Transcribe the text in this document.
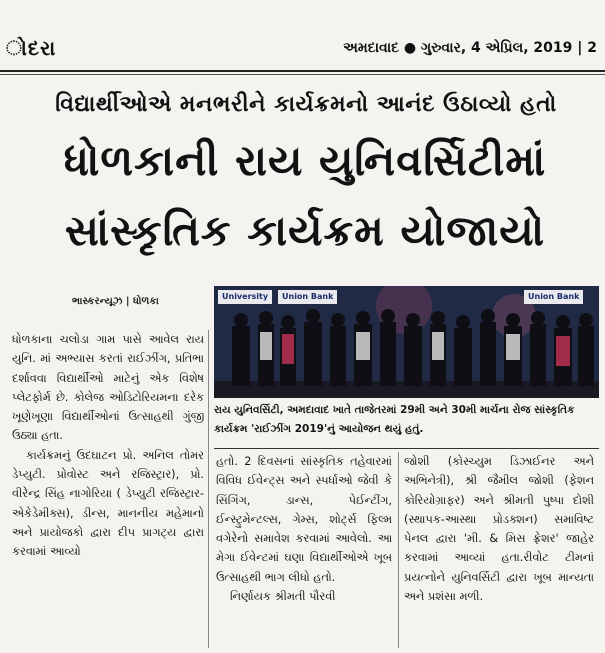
ોદરા	અમદાવાદ ● ગુરુવાર, 4 એપ્રિલ, 2019 | 2
વિદ્યાર્થીઓએ મનભરીને કાર્યક્રમનો આનંદ ઉઠાવ્યો હતો
ધોળકાની રાય યુનિવર્સિટીમાં
સાંસ્કૃતિક કાર્યક્રમ યોજાયો
ભાસ્કરન્યૂઝ | ધોળકા	University	Union Bank	Union Bank
રાય યુનિવર્સિટી, અમદાવાદ ખાતે તાજેતરમાં 29મી અને 30મી માર્ચના રોજ સાંસ્કૃતિક કાર્યક્રમ 'રાઈઝીંગ 2019'નું આયોજન થયું હતું.

ધોળકાના ચલોડા ગામ પાસે આવેલ રાય યુનિ. માં અભ્યાસ કરતાં રાઈઝીંગ, પ્રતિભા દર્શાવવા વિદ્યાર્થીઓ માટેનું એક વિશેષ પ્લેટફોર્મ છે. કોલેજ ઓડિટોરિયમના દરેક ખૂણેખૂણા વિદ્યાર્થીઓનાં ઉત્સાહથી ગુંજી ઉઠ્યા હતા.

કાર્યક્રમનું ઉદઘાટન પ્રો. અનિલ તોમર ડેપ્યુટી. પ્રોવોસ્ટ અને રજિસ્ટ્રાર), પ્રો. વીરેન્દ્ર સિંહ નાગોરિયા ( ડેપ્યુટી રજિસ્ટ્રાર-એકેડેમીક્સ), ડીન્સ, માનનીય મહેમાનો અને પ્રાયોજકો દ્વારા દીપ પ્રાગટ્ય દ્વારા કરવામાં આવ્યો

હતો. 2 દિવસનાં સાંસ્કૃતિક તહેવારમાં વિવિધ ઈવેન્ટ્સ અને સ્પર્ધાઓ જેવી કે સિંગિંગ, ડાન્સ, પેઈન્ટીંગ, ઈન્સ્ટ્રુમેન્ટલ્સ, ગેમ્સ, શોર્ટ્સ ફિલ્મ વગેરેનો સમાવેશ કરવામાં આવેલો. આ મેગા ઈવેન્ટમાં ઘણા વિદ્યાર્થીઓએ ખૂબ ઉત્સાહથી ભાગ લીધો હતો.

નિર્ણાયક શ્રીમતી પૌરવી

જોશી (કોસ્ચ્યુમ ડિઝાઈનર અને અભિનેત્રી), શ્રી જૈમીલ જોશી (ફેશન કોરિયોગ્રાફર) અને શ્રીમતી પુષ્પા દોશી (સ્થાપક-આસ્થા પ્રોડક્શન) સમાવિષ્ટ પેનલ દ્વારા 'મી. & મિસ ફ્રેશર' જાહેર કરવામાં આવ્યાં હતા.રીવોટ ટીમનાં પ્રયત્નોને યુનિવર્સિટી દ્વારા ખૂબ માન્યતા અને પ્રશંસા મળી.
